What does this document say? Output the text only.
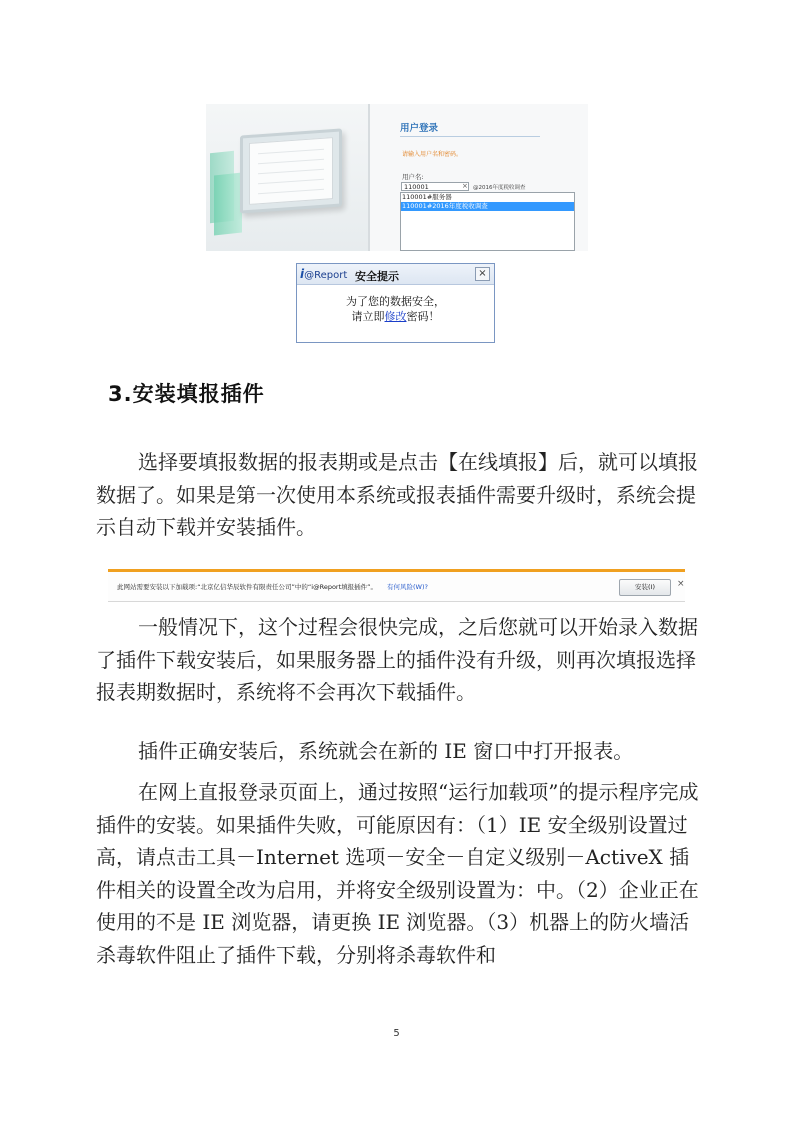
用户登录
请输入用户名和密码。
用户名:
110001	× @2016年度税收调查
110001#服务器
110001#2016年度税收调查
i@Report 安全提示	×
为了您的数据安全，
请立即修改密码！
3.安装填报插件
选择要填报数据的报表期或是点击【在线填报】后，就可以填报数据了。如果是第一次使用本系统或报表插件需要升级时，系统会提示自动下载并安装插件。
此网站需要安装以下加载项:“北京亿信华辰软件有限责任公司”中的“i@Report填报插件”。 有何风险(W)?	安装(I)	×
一般情况下，这个过程会很快完成，之后您就可以开始录入数据了插件下载安装后，如果服务器上的插件没有升级，则再次填报选择报表期数据时，系统将不会再次下载插件。
插件正确安装后，系统就会在新的 IE 窗口中打开报表。
在网上直报登录页面上，通过按照“运行加载项”的提示程序完成插件的安装。如果插件失败，可能原因有：（1）IE 安全级别设置过高，请点击工具－Internet 选项－安全－自定义级别－ActiveX 插件相关的设置全改为启用，并将安全级别设置为：中。（2）企业正在使用的不是 IE 浏览器，请更换 IE 浏览器。（3）机器上的防火墙活杀毒软件阻止了插件下载，分别将杀毒软件和
5
